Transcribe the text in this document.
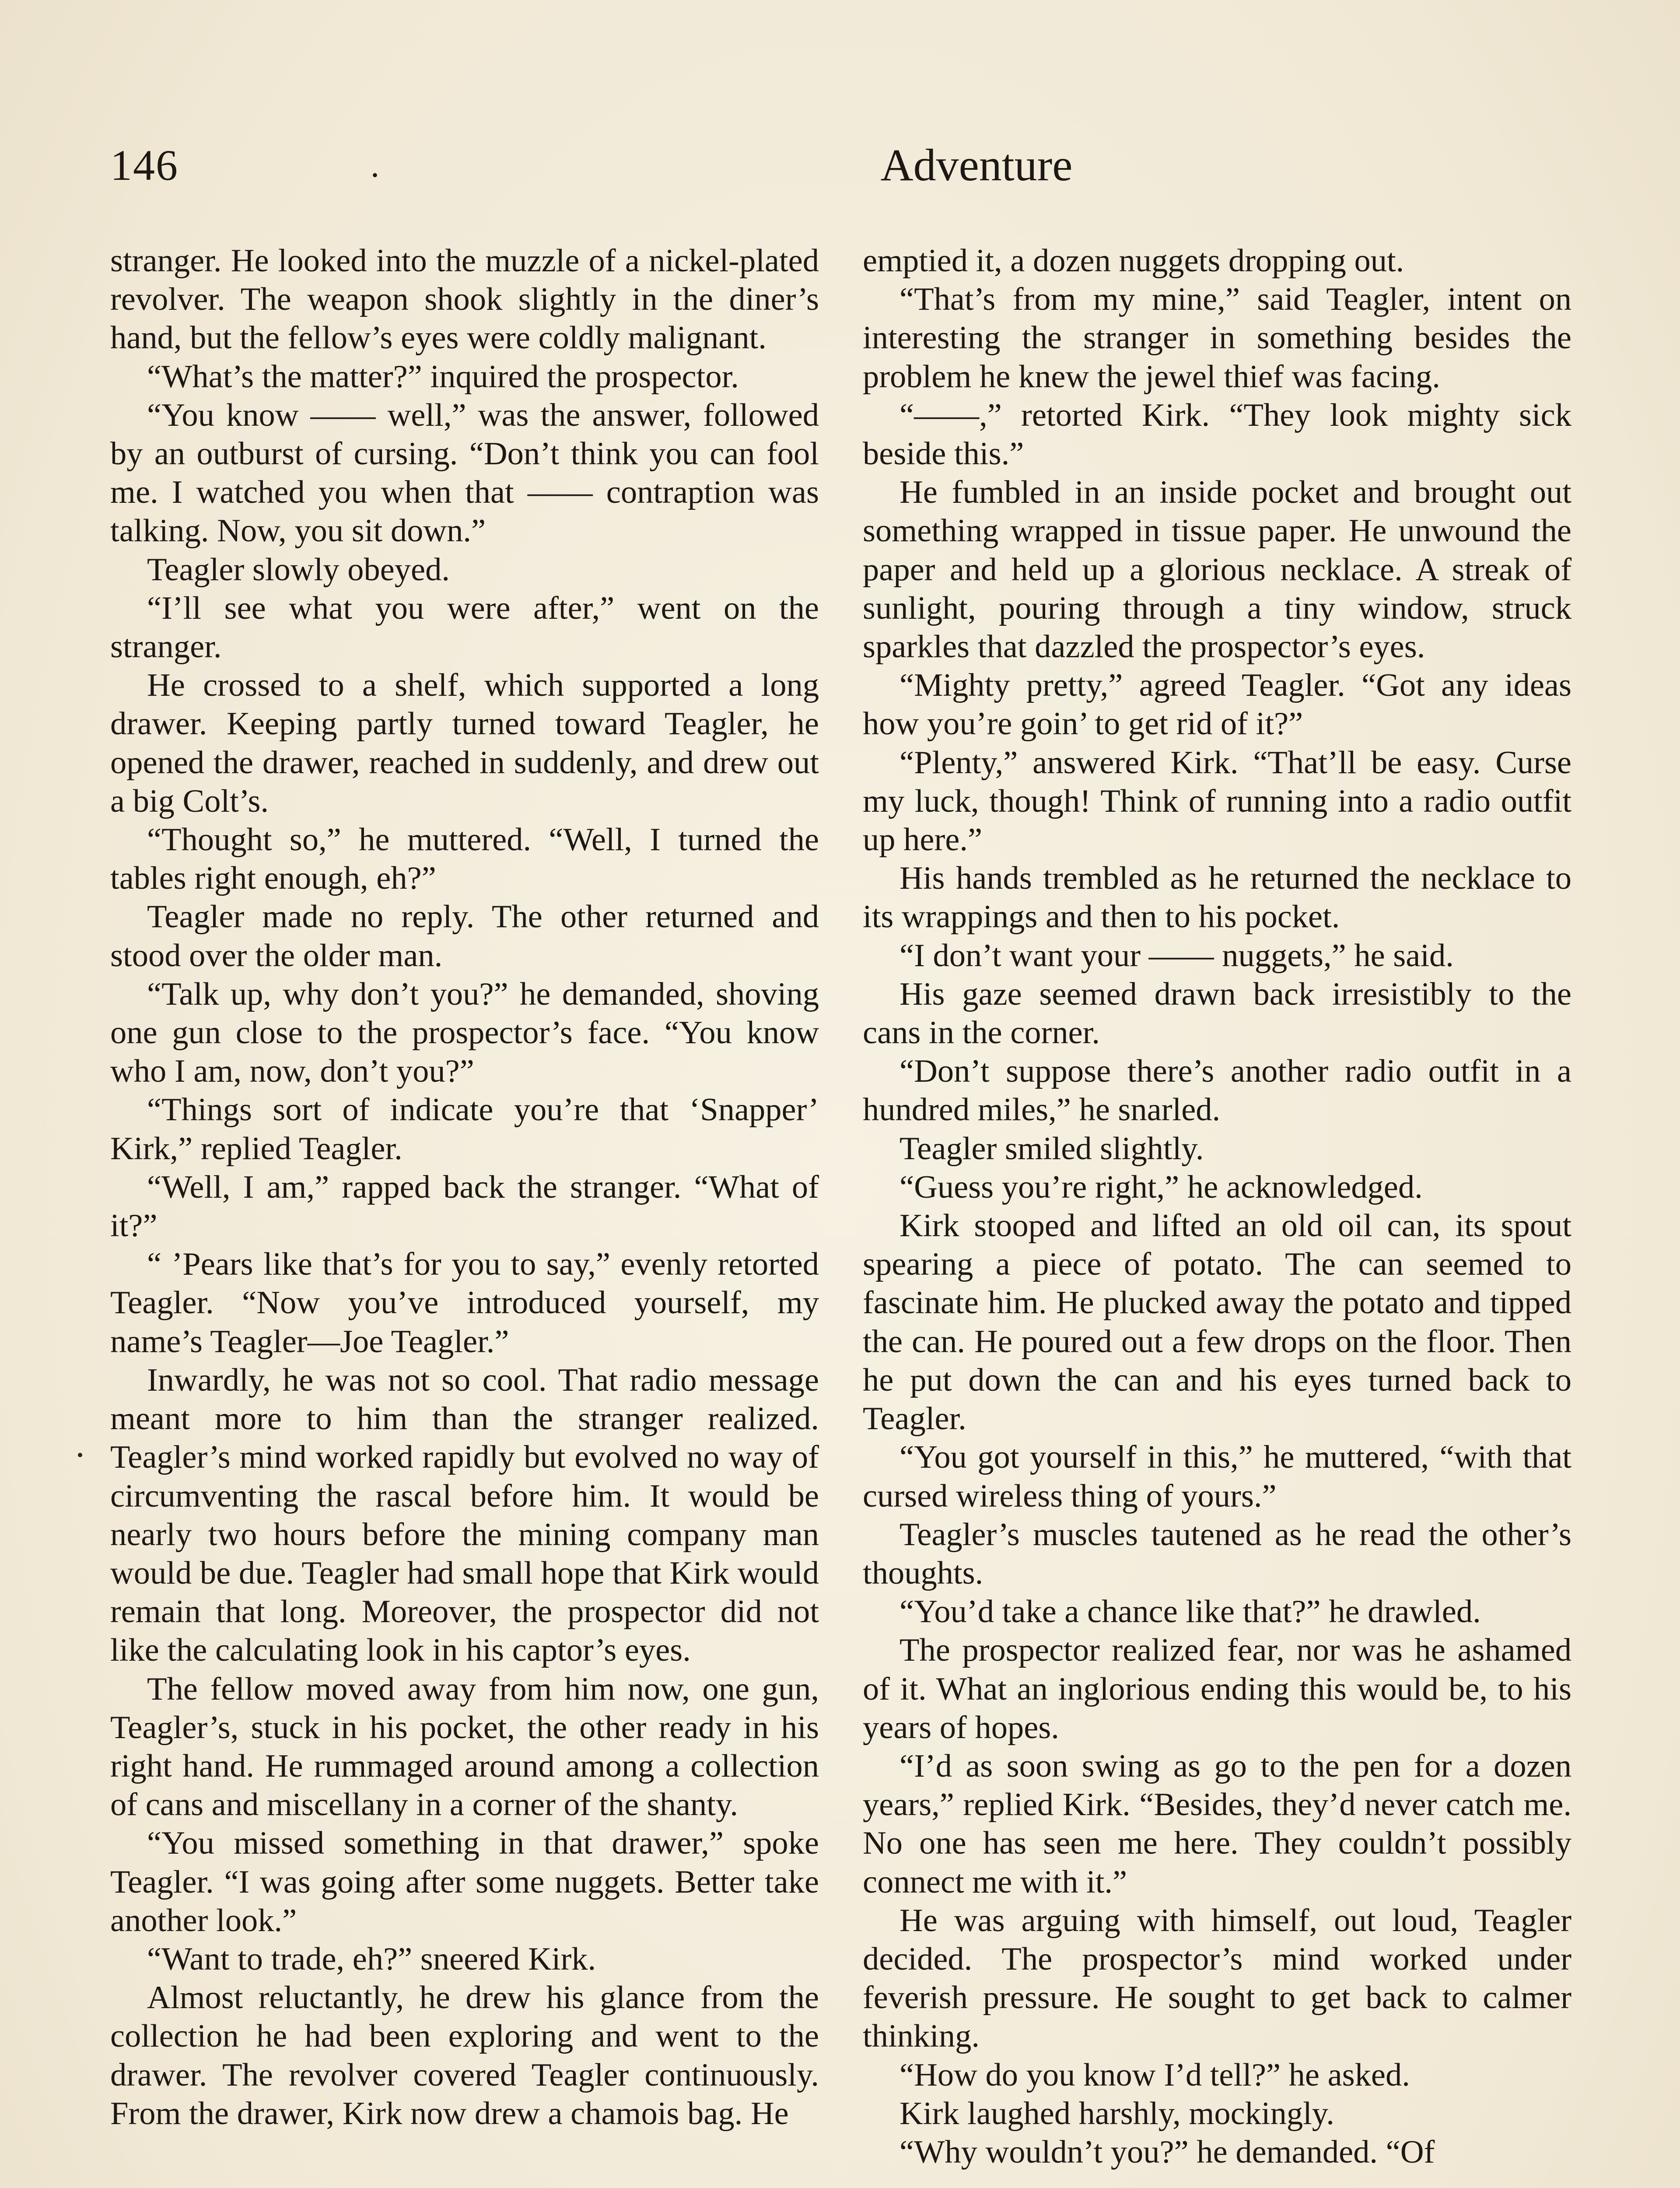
146	.	Adventure

stranger. He looked into the muzzle of a nickel-plated revolver. The weapon shook slightly in the diner’s hand, but the fellow’s eyes were coldly malignant.

“What’s the matter?” inquired the prospector.

“You know —— well,” was the answer, followed by an outburst of cursing. “Don’t think you can fool me. I watched you when that —— contraption was talking. Now, you sit down.”

Teagler slowly obeyed.

“I’ll see what you were after,” went on the stranger.

He crossed to a shelf, which supported a long drawer. Keeping partly turned toward Teagler, he opened the drawer, reached in suddenly, and drew out a big Colt’s.

“Thought so,” he muttered. “Well, I turned the tables right enough, eh?”

Teagler made no reply. The other returned and stood over the older man.

“Talk up, why don’t you?” he demanded, shoving one gun close to the prospector’s face. “You know who I am, now, don’t you?”

“Things sort of indicate you’re that ‘Snapper’ Kirk,” replied Teagler.

“Well, I am,” rapped back the stranger. “What of it?”

“ ’Pears like that’s for you to say,” evenly retorted Teagler. “Now you’ve introduced yourself, my name’s Teagler—Joe Teagler.”

Inwardly, he was not so cool. That radio message meant more to him than the stranger realized. Teagler’s mind worked rapidly but evolved no way of circumventing the rascal before him. It would be nearly two hours before the mining company man would be due. Teagler had small hope that Kirk would remain that long. Moreover, the prospector did not like the calculating look in his captor’s eyes.

The fellow moved away from him now, one gun, Teagler’s, stuck in his pocket, the other ready in his right hand. He rummaged around among a collection of cans and miscellany in a corner of the shanty.

“You missed something in that drawer,” spoke Teagler. “I was going after some nuggets. Better take another look.”

“Want to trade, eh?” sneered Kirk.

Almost reluctantly, he drew his glance from the collection he had been exploring and went to the drawer. The revolver covered Teagler continuously. From the drawer, Kirk now drew a chamois bag. He

emptied it, a dozen nuggets dropping out.

“That’s from my mine,” said Teagler, intent on interesting the stranger in something besides the problem he knew the jewel thief was facing.

“——,” retorted Kirk. “They look mighty sick beside this.”

He fumbled in an inside pocket and brought out something wrapped in tissue paper. He unwound the paper and held up a glorious necklace. A streak of sunlight, pouring through a tiny window, struck sparkles that dazzled the prospector’s eyes.

“Mighty pretty,” agreed Teagler. “Got any ideas how you’re goin’ to get rid of it?”

“Plenty,” answered Kirk. “That’ll be easy. Curse my luck, though! Think of running into a radio outfit up here.”

His hands trembled as he returned the necklace to its wrappings and then to his pocket.

“I don’t want your —— nuggets,” he said.

His gaze seemed drawn back irresistibly to the cans in the corner.

“Don’t suppose there’s another radio outfit in a hundred miles,” he snarled.

Teagler smiled slightly.

“Guess you’re right,” he acknowledged.

Kirk stooped and lifted an old oil can, its spout spearing a piece of potato. The can seemed to fascinate him. He plucked away the potato and tipped the can. He poured out a few drops on the floor. Then he put down the can and his eyes turned back to Teagler.

“You got yourself in this,” he muttered, “with that cursed wireless thing of yours.”

Teagler’s muscles tautened as he read the other’s thoughts.

“You’d take a chance like that?” he drawled.

The prospector realized fear, nor was he ashamed of it. What an inglorious ending this would be, to his years of hopes.

“I’d as soon swing as go to the pen for a dozen years,” replied Kirk. “Besides, they’d never catch me. No one has seen me here. They couldn’t possibly connect me with it.”

He was arguing with himself, out loud, Teagler decided. The prospector’s mind worked under feverish pressure. He sought to get back to calmer thinking.

“How do you know I’d tell?” he asked.

Kirk laughed harshly, mockingly.

“Why wouldn’t you?” he demanded. “Of
